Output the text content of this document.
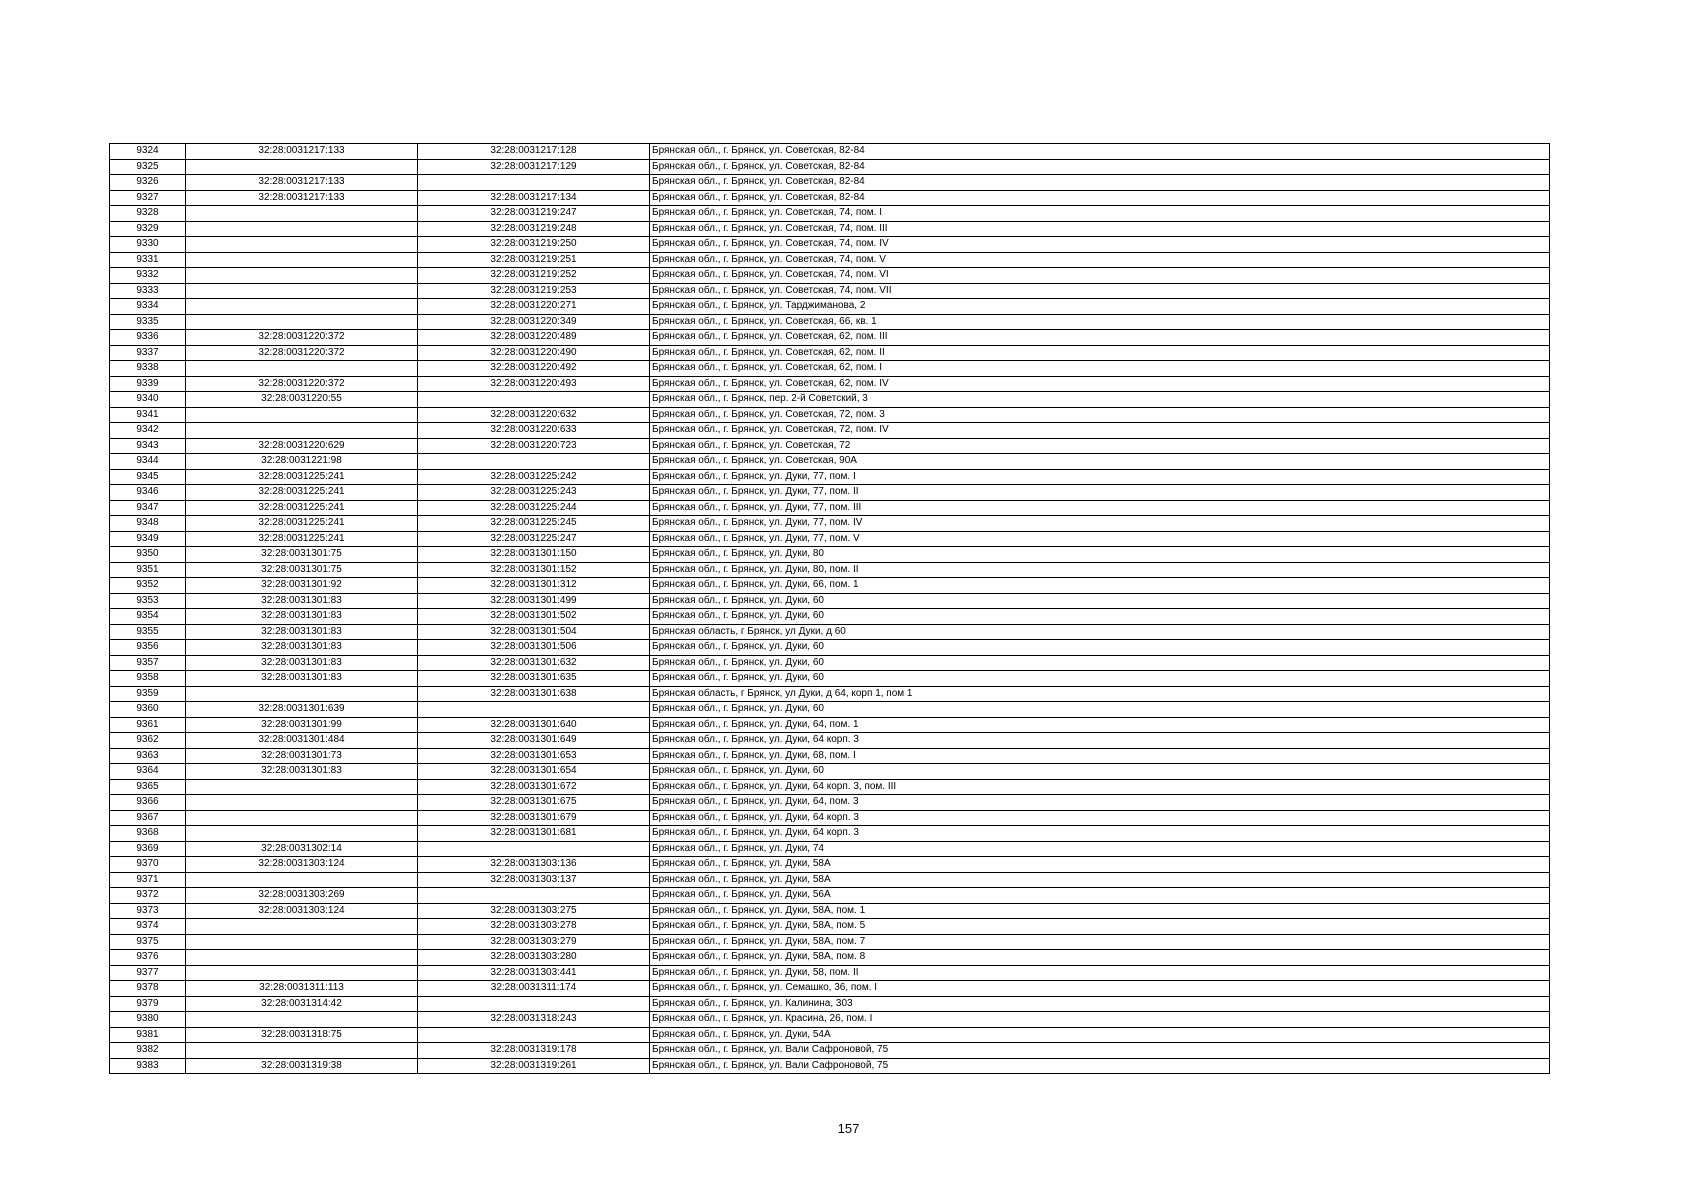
9324	32:28:0031217:133	32:28:0031217:128	Брянская обл., г. Брянск, ул. Советская, 82-84
9325		32:28:0031217:129	Брянская обл., г. Брянск, ул. Советская, 82-84
9326	32:28:0031217:133		Брянская обл., г. Брянск, ул. Советская, 82-84
9327	32:28:0031217:133	32:28:0031217:134	Брянская обл., г. Брянск, ул. Советская, 82-84
9328		32:28:0031219:247	Брянская обл., г. Брянск, ул. Советская, 74, пом. I
9329		32:28:0031219:248	Брянская обл., г. Брянск, ул. Советская, 74, пом. III
9330		32:28:0031219:250	Брянская обл., г. Брянск, ул. Советская, 74, пом. IV
9331		32:28:0031219:251	Брянская обл., г. Брянск, ул. Советская, 74, пом. V
9332		32:28:0031219:252	Брянская обл., г. Брянск, ул. Советская, 74, пом. VI
9333		32:28:0031219:253	Брянская обл., г. Брянск, ул. Советская, 74, пом. VII
9334		32:28:0031220:271	Брянская обл., г. Брянск, ул. Тарджиманова, 2
9335		32:28:0031220:349	Брянская обл., г. Брянск, ул. Советская, 66, кв. 1
9336	32:28:0031220:372	32:28:0031220:489	Брянская обл., г. Брянск, ул. Советская, 62, пом. III
9337	32:28:0031220:372	32:28:0031220:490	Брянская обл., г. Брянск, ул. Советская, 62, пом. II
9338		32:28:0031220:492	Брянская обл., г. Брянск, ул. Советская, 62, пом. I
9339	32:28:0031220:372	32:28:0031220:493	Брянская обл., г. Брянск, ул. Советская, 62, пом. IV
9340	32:28:0031220:55		Брянская обл., г. Брянск, пер. 2-й Советский, 3
9341		32:28:0031220:632	Брянская обл., г. Брянск, ул. Советская, 72, пом. 3
9342		32:28:0031220:633	Брянская обл., г. Брянск, ул. Советская, 72, пом. IV
9343	32:28:0031220:629	32:28:0031220:723	Брянская обл., г. Брянск, ул. Советская, 72
9344	32:28:0031221:98		Брянская обл., г. Брянск, ул. Советская, 90А
9345	32:28:0031225:241	32:28:0031225:242	Брянская обл., г. Брянск, ул. Дуки, 77, пом. I
9346	32:28:0031225:241	32:28:0031225:243	Брянская обл., г. Брянск, ул. Дуки, 77, пом. II
9347	32:28:0031225:241	32:28:0031225:244	Брянская обл., г. Брянск, ул. Дуки, 77, пом. III
9348	32:28:0031225:241	32:28:0031225:245	Брянская обл., г. Брянск, ул. Дуки, 77, пом. IV
9349	32:28:0031225:241	32:28:0031225:247	Брянская обл., г. Брянск, ул. Дуки, 77, пом. V
9350	32:28:0031301:75	32:28:0031301:150	Брянская обл., г. Брянск, ул. Дуки, 80
9351	32:28:0031301:75	32:28:0031301:152	Брянская обл., г. Брянск, ул. Дуки, 80, пом. II
9352	32:28:0031301:92	32:28:0031301:312	Брянская обл., г. Брянск, ул. Дуки, 66, пом. 1
9353	32:28:0031301:83	32:28:0031301:499	Брянская обл., г. Брянск, ул. Дуки, 60
9354	32:28:0031301:83	32:28:0031301:502	Брянская обл., г. Брянск, ул. Дуки, 60
9355	32:28:0031301:83	32:28:0031301:504	Брянская область, г Брянск, ул Дуки, д 60
9356	32:28:0031301:83	32:28:0031301:506	Брянская обл., г. Брянск, ул. Дуки, 60
9357	32:28:0031301:83	32:28:0031301:632	Брянская обл., г. Брянск, ул. Дуки, 60
9358	32:28:0031301:83	32:28:0031301:635	Брянская обл., г. Брянск, ул. Дуки, 60
9359		32:28:0031301:638	Брянская область, г Брянск, ул Дуки, д 64, корп 1, пом 1
9360	32:28:0031301:639		Брянская обл., г. Брянск, ул. Дуки, 60
9361	32:28:0031301:99	32:28:0031301:640	Брянская обл., г. Брянск, ул. Дуки, 64, пом. 1
9362	32:28:0031301:484	32:28:0031301:649	Брянская обл., г. Брянск, ул. Дуки, 64 корп. 3
9363	32:28:0031301:73	32:28:0031301:653	Брянская обл., г. Брянск, ул. Дуки, 68, пом. I
9364	32:28:0031301:83	32:28:0031301:654	Брянская обл., г. Брянск, ул. Дуки, 60
9365		32:28:0031301:672	Брянская обл., г. Брянск, ул. Дуки, 64 корп. 3, пом. III
9366		32:28:0031301:675	Брянская обл., г. Брянск, ул. Дуки, 64, пом. 3
9367		32:28:0031301:679	Брянская обл., г. Брянск, ул. Дуки, 64 корп. 3
9368		32:28:0031301:681	Брянская обл., г. Брянск, ул. Дуки, 64 корп. 3
9369	32:28:0031302:14		Брянская обл., г. Брянск, ул. Дуки, 74
9370	32:28:0031303:124	32:28:0031303:136	Брянская обл., г. Брянск, ул. Дуки, 58А
9371		32:28:0031303:137	Брянская обл., г. Брянск, ул. Дуки, 58А
9372	32:28:0031303:269		Брянская обл., г. Брянск, ул. Дуки, 56А
9373	32:28:0031303:124	32:28:0031303:275	Брянская обл., г. Брянск, ул. Дуки, 58А, пом. 1
9374		32:28:0031303:278	Брянская обл., г. Брянск, ул. Дуки, 58А, пом. 5
9375		32:28:0031303:279	Брянская обл., г. Брянск, ул. Дуки, 58А, пом. 7
9376		32:28:0031303:280	Брянская обл., г. Брянск, ул. Дуки, 58А, пом. 8
9377		32:28:0031303:441	Брянская обл., г. Брянск, ул. Дуки, 58, пом. II
9378	32:28:0031311:113	32:28:0031311:174	Брянская обл., г. Брянск, ул. Семашко, 36, пом. I
9379	32:28:0031314:42		Брянская обл., г. Брянск, ул. Калинина, 303
9380		32:28:0031318:243	Брянская обл., г. Брянск, ул. Красина, 26, пом. I
9381	32:28:0031318:75		Брянская обл., г. Брянск, ул. Дуки, 54А
9382		32:28:0031319:178	Брянская обл., г. Брянск, ул. Вали Сафроновой, 75
9383	32:28:0031319:38	32:28:0031319:261	Брянская обл., г. Брянск, ул. Вали Сафроновой, 75
157
